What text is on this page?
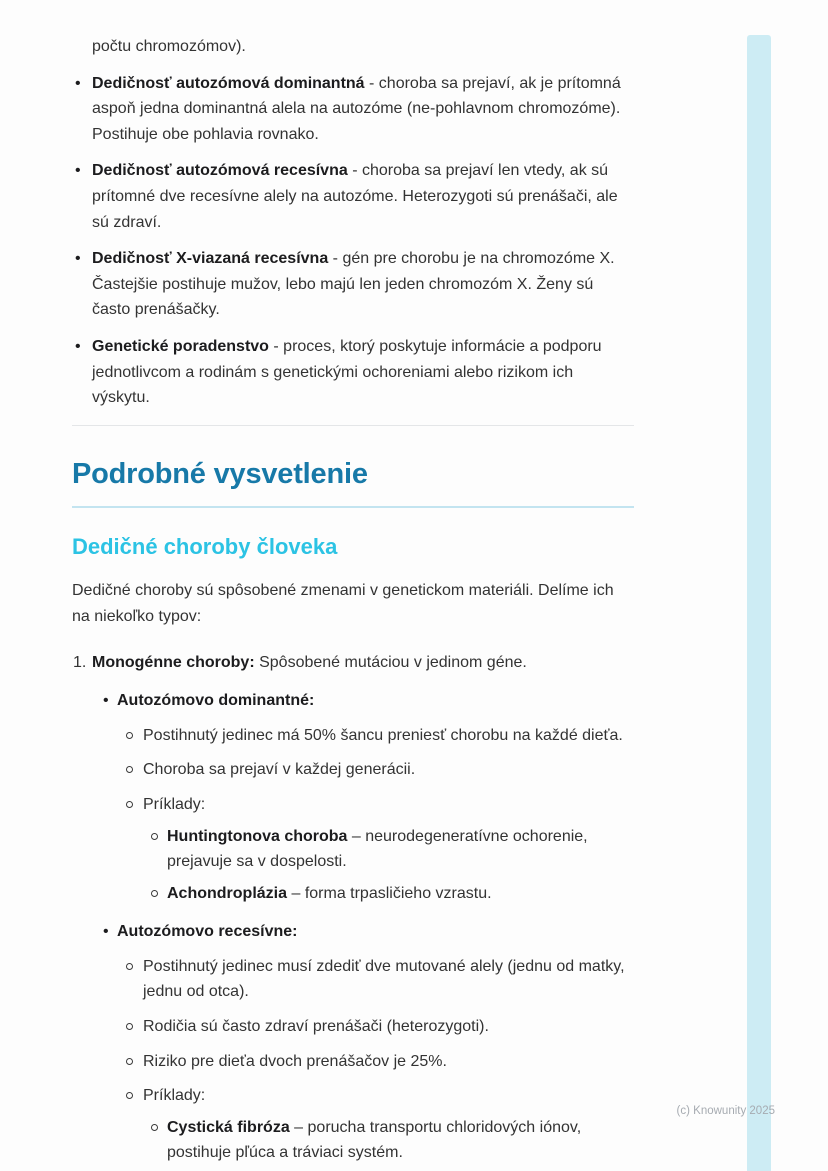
počtu chromozómov).

• Dedičnosť autozómová dominantná - choroba sa prejaví, ak je prítomná aspoň jedna dominantná alela na autozóme (ne-pohlavnom chromozóme). Postihuje obe pohlavia rovnako.
• Dedičnosť autozómová recesívna - choroba sa prejaví len vtedy, ak sú prítomné dve recesívne alely na autozóme. Heterozygoti sú prenášači, ale sú zdraví.
• Dedičnosť X-viazaná recesívna - gén pre chorobu je na chromozóme X. Častejšie postihuje mužov, lebo majú len jeden chromozóm X. Ženy sú často prenášačky.
• Genetické poradenstvo - proces, ktorý poskytuje informácie a podporu jednotlivcom a rodinám s genetickými ochoreniami alebo rizikom ich výskytu.
Podrobné vysvetlenie
Dedičné choroby človeka

Dedičné choroby sú spôsobené zmenami v genetickom materiáli. Delíme ich na niekoľko typov:

1. Monogénne choroby: Spôsobené mutáciou v jedinom géne.
• Autozómovo dominantné:
Postihnutý jedinec má 50% šancu preniesť chorobu na každé dieťa.
Choroba sa prejaví v každej generácii.
Príklady:
Huntingtonova choroba – neurodegeneratívne ochorenie, prejavuje sa v dospelosti.
Achondroplázia – forma trpasličieho vzrastu.
• Autozómovo recesívne:
Postihnutý jedinec musí zdediť dve mutované alely (jednu od matky, jednu od otca).
Rodičia sú často zdraví prenášači (heterozygoti).
Riziko pre dieťa dvoch prenášačov je 25%.
Príklady:
Cystická fibróza – porucha transportu chloridových iónov, postihuje pľúca a tráviaci systém.
(c) Knowunity 2025
